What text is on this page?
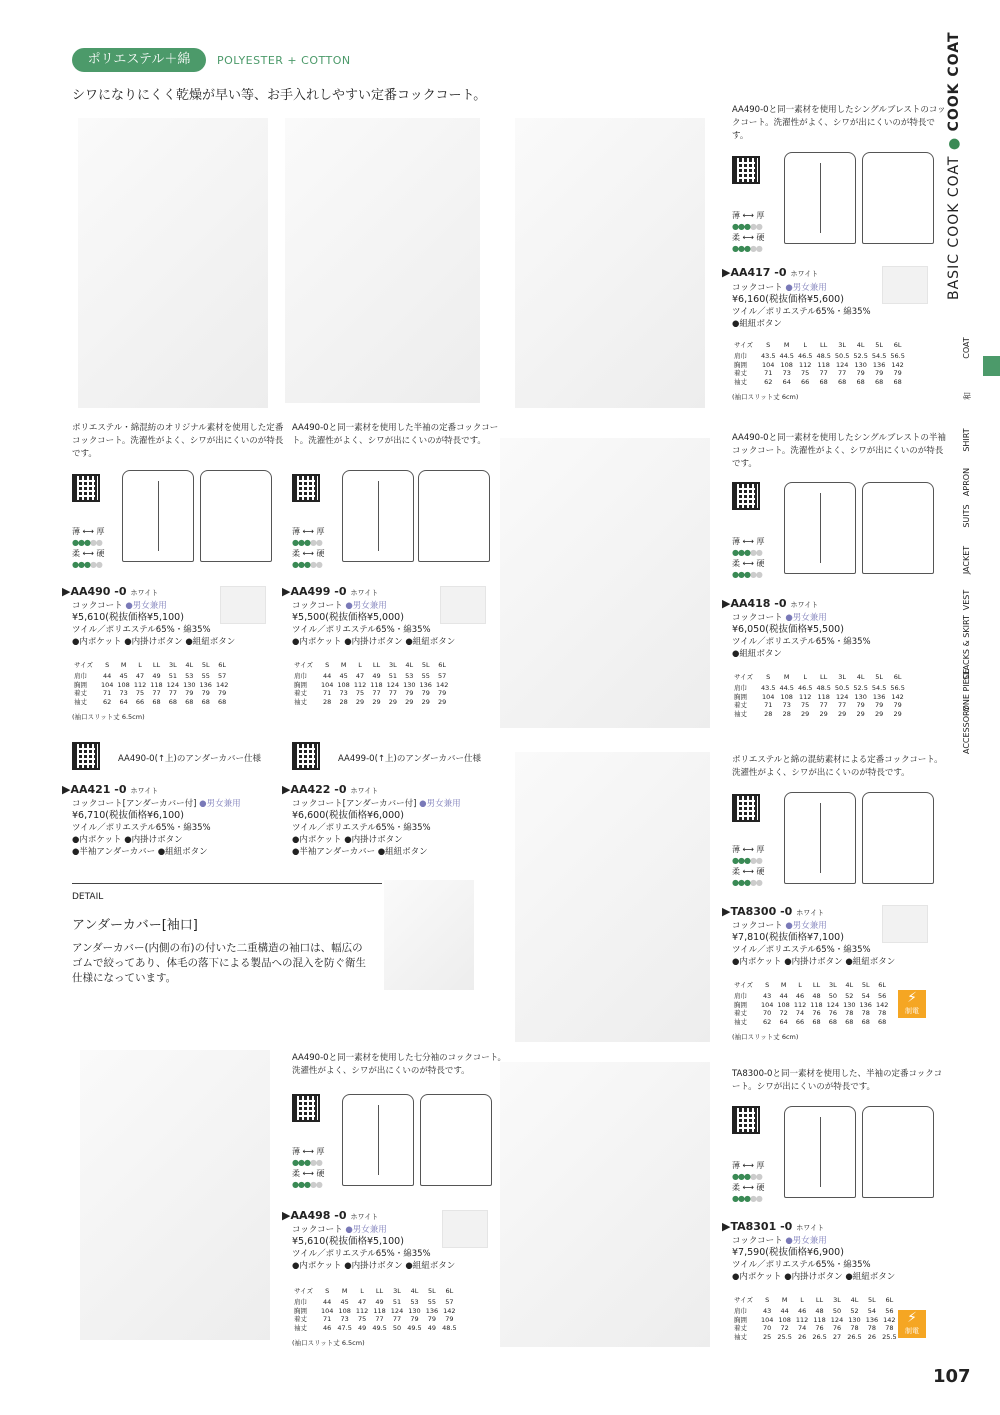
ポリエステル＋綿	POLYESTER + COTTON
シワになりにくく乾燥が早い等、お手入れしやすい定番コックコート。
BASIC COOK COAT ● COOK COAT
ポリエステル・綿混紡のオリジナル素材を使用した定番コックコート。洗濯性がよく、シワが出にくいのが特長です。
薄 ⟷ 厚
●●●●●
柔 ⟷ 硬
●●●●●
▶AA490 -0 ホワイト
コックコート ●男女兼用
¥5,610(税抜価格¥5,100)
ツイル／ポリエステル65%・綿35%
●内ポケット ●内掛けボタン ●組紐ボタン
サイズ	S	M	L	LL	3L	4L	5L	6L
肩巾	44	45	47	49	51	53	55	57
胸囲	104	108	112	118	124	130	136	142
着丈	71	73	75	77	77	79	79	79
袖丈	62	64	66	68	68	68	68	68
(袖口スリット丈 6.5cm)
AA490-0と同一素材を使用した半袖の定番コックコート。洗濯性がよく、シワが出にくいのが特長です。
薄 ⟷ 厚
●●●●●
柔 ⟷ 硬
●●●●●
▶AA499 -0 ホワイト
コックコート ●男女兼用
¥5,500(税抜価格¥5,000)
ツイル／ポリエステル65%・綿35%
●内ポケット ●内掛けボタン ●組紐ボタン
サイズ	S	M	L	LL	3L	4L	5L	6L
肩巾	44	45	47	49	51	53	55	57
胸囲	104	108	112	118	124	130	136	142
着丈	71	73	75	77	77	79	79	79
袖丈	28	28	29	29	29	29	29	29
AA490-0(↑上)のアンダーカバー仕様
▶AA421 -0 ホワイト
コックコート[アンダーカバー付] ●男女兼用
¥6,710(税抜価格¥6,100)
ツイル／ポリエステル65%・綿35%
●内ポケット ●内掛けボタン
●半袖アンダーカバー ●組紐ボタン
AA499-0(↑上)のアンダーカバー仕様
▶AA422 -0 ホワイト
コックコート[アンダーカバー付] ●男女兼用
¥6,600(税抜価格¥6,000)
ツイル／ポリエステル65%・綿35%
●内ポケット ●内掛けボタン
●半袖アンダーカバー ●組紐ボタン
DETAIL
アンダーカバー[袖口]
アンダーカバー(内側の布)の付いた二重構造の袖口は、幅広のゴムで絞ってあり、体毛の落下による製品への混入を防ぐ衛生仕様になっています。
AA490-0と同一素材を使用したシングルブレストのコックコート。洗濯性がよく、シワが出にくいのが特長です。
薄 ⟷ 厚
●●●●●
柔 ⟷ 硬
●●●●●
▶AA417 -0 ホワイト
コックコート ●男女兼用
¥6,160(税抜価格¥5,600)
ツイル／ポリエステル65%・綿35%
●組紐ボタン
サイズ	S	M	L	LL	3L	4L	5L	6L
肩巾	43.5	44.5	46.5	48.5	50.5	52.5	54.5	56.5
胸囲	104	108	112	118	124	130	136	142
着丈	71	73	75	77	77	79	79	79
袖丈	62	64	66	68	68	68	68	68
(袖口スリット丈 6cm)
AA490-0と同一素材を使用したシングルブレストの半袖コックコート。洗濯性がよく、シワが出にくいのが特長です。
薄 ⟷ 厚
●●●●●
柔 ⟷ 硬
●●●●●
▶AA418 -0 ホワイト
コックコート ●男女兼用
¥6,050(税抜価格¥5,500)
ツイル／ポリエステル65%・綿35%
●組紐ボタン
サイズ	S	M	L	LL	3L	4L	5L	6L
肩巾	43.5	44.5	46.5	48.5	50.5	52.5	54.5	56.5
胸囲	104	108	112	118	124	130	136	142
着丈	71	73	75	77	77	79	79	79
袖丈	28	28	29	29	29	29	29	29
ポリエステルと綿の混紡素材による定番コックコート。洗濯性がよく、シワが出にくいのが特長です。
薄 ⟷ 厚
●●●●●
柔 ⟷ 硬
●●●●●
▶TA8300 -0 ホワイト
コックコート ●男女兼用
¥7,810(税抜価格¥7,100)
ツイル／ポリエステル65%・綿35%
●内ポケット ●内掛けボタン ●組紐ボタン
サイズ	S	M	L	LL	3L	4L	5L	6L
肩巾	43	44	46	48	50	52	54	56
胸囲	104	108	112	118	124	130	136	142
着丈	70	72	74	76	76	78	78	78
袖丈	62	64	66	68	68	68	68	68
(袖口スリット丈 6cm)
⚡
制電
AA490-0と同一素材を使用した七分袖のコックコート。洗濯性がよく、シワが出にくいのが特長です。
薄 ⟷ 厚
●●●●●
柔 ⟷ 硬
●●●●●
▶AA498 -0 ホワイト
コックコート ●男女兼用
¥5,610(税抜価格¥5,100)
ツイル／ポリエステル65%・綿35%
●内ポケット ●内掛けボタン ●組紐ボタン
サイズ	S	M	L	LL	3L	4L	5L	6L
肩巾	44	45	47	49	51	53	55	57
胸囲	104	108	112	118	124	130	136	142
着丈	71	73	75	77	77	79	79	79
袖丈	46	47.5	49	49.5	50	49.5	49	48.5
(袖口スリット丈 6.5cm)
TA8300-0と同一素材を使用した、半袖の定番コックコート。シワが出にくいのが特長です。
薄 ⟷ 厚
●●●●●
柔 ⟷ 硬
●●●●●
▶TA8301 -0 ホワイト
コックコート ●男女兼用
¥7,590(税抜価格¥6,900)
ツイル／ポリエステル65%・綿35%
●内ポケット ●内掛けボタン ●組紐ボタン
サイズ	S	M	L	LL	3L	4L	5L	6L
肩巾	43	44	46	48	50	52	54	56
胸囲	104	108	112	118	124	130	136	142
着丈	70	72	74	76	76	78	78	78
袖丈	25	25.5	26	26.5	27	26.5	26	25.5
⚡
制電
107
COAT
和
SHIRT
APRON
SUITS
JACKET
VEST
SLACKS & SKIRT
ONE PIECE
ACCESSORY
